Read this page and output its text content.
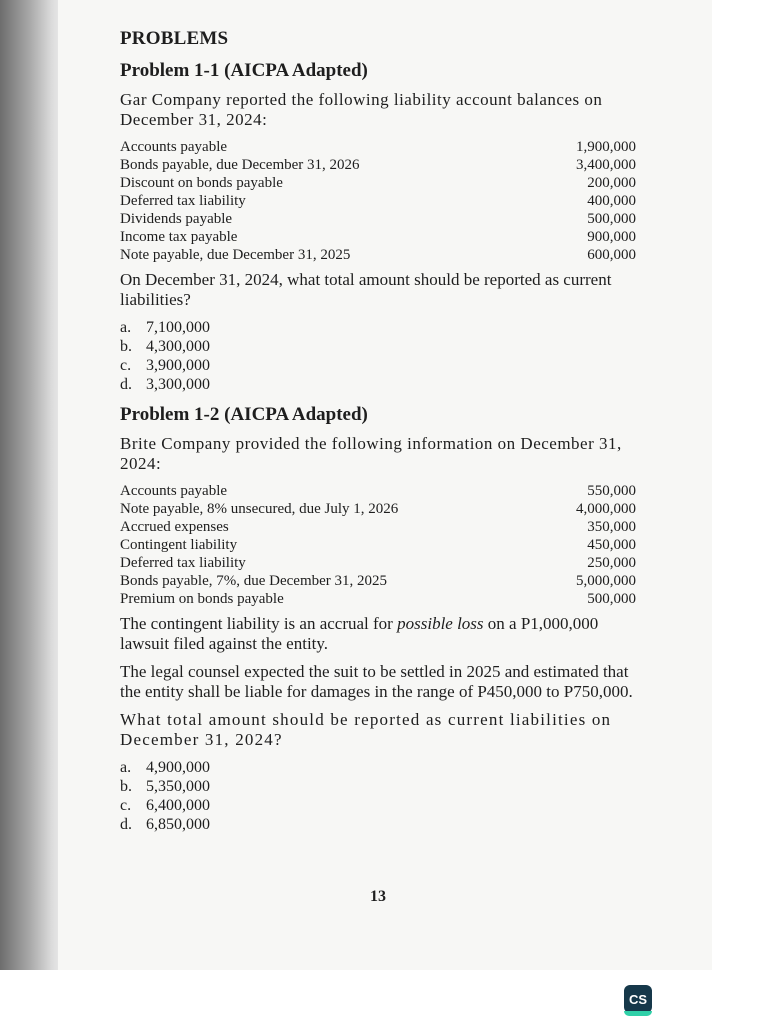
PROBLEMS
Problem 1-1 (AICPA Adapted)
Gar Company reported the following liability account balances on December 31, 2024:
Accounts payable	1,900,000
Bonds payable, due December 31, 2026	3,400,000
Discount on bonds payable	200,000
Deferred tax liability	400,000
Dividends payable	500,000
Income tax payable	900,000
Note payable, due December 31, 2025	600,000
On December 31, 2024, what total amount should be reported as current liabilities?
a. 7,100,000
b. 4,300,000
c. 3,900,000
d. 3,300,000
Problem 1-2 (AICPA Adapted)
Brite Company provided the following information on December 31, 2024:
Accounts payable	550,000
Note payable, 8% unsecured, due July 1, 2026	4,000,000
Accrued expenses	350,000
Contingent liability	450,000
Deferred tax liability	250,000
Bonds payable, 7%, due December 31, 2025	5,000,000
Premium on bonds payable	500,000
The contingent liability is an accrual for possible loss on a P1,000,000 lawsuit filed against the entity.
The legal counsel expected the suit to be settled in 2025 and estimated that the entity shall be liable for damages in the range of P450,000 to P750,000.
What total amount should be reported as current liabilities on December 31, 2024?
a. 4,900,000
b. 5,350,000
c. 6,400,000
d. 6,850,000
13
CS
